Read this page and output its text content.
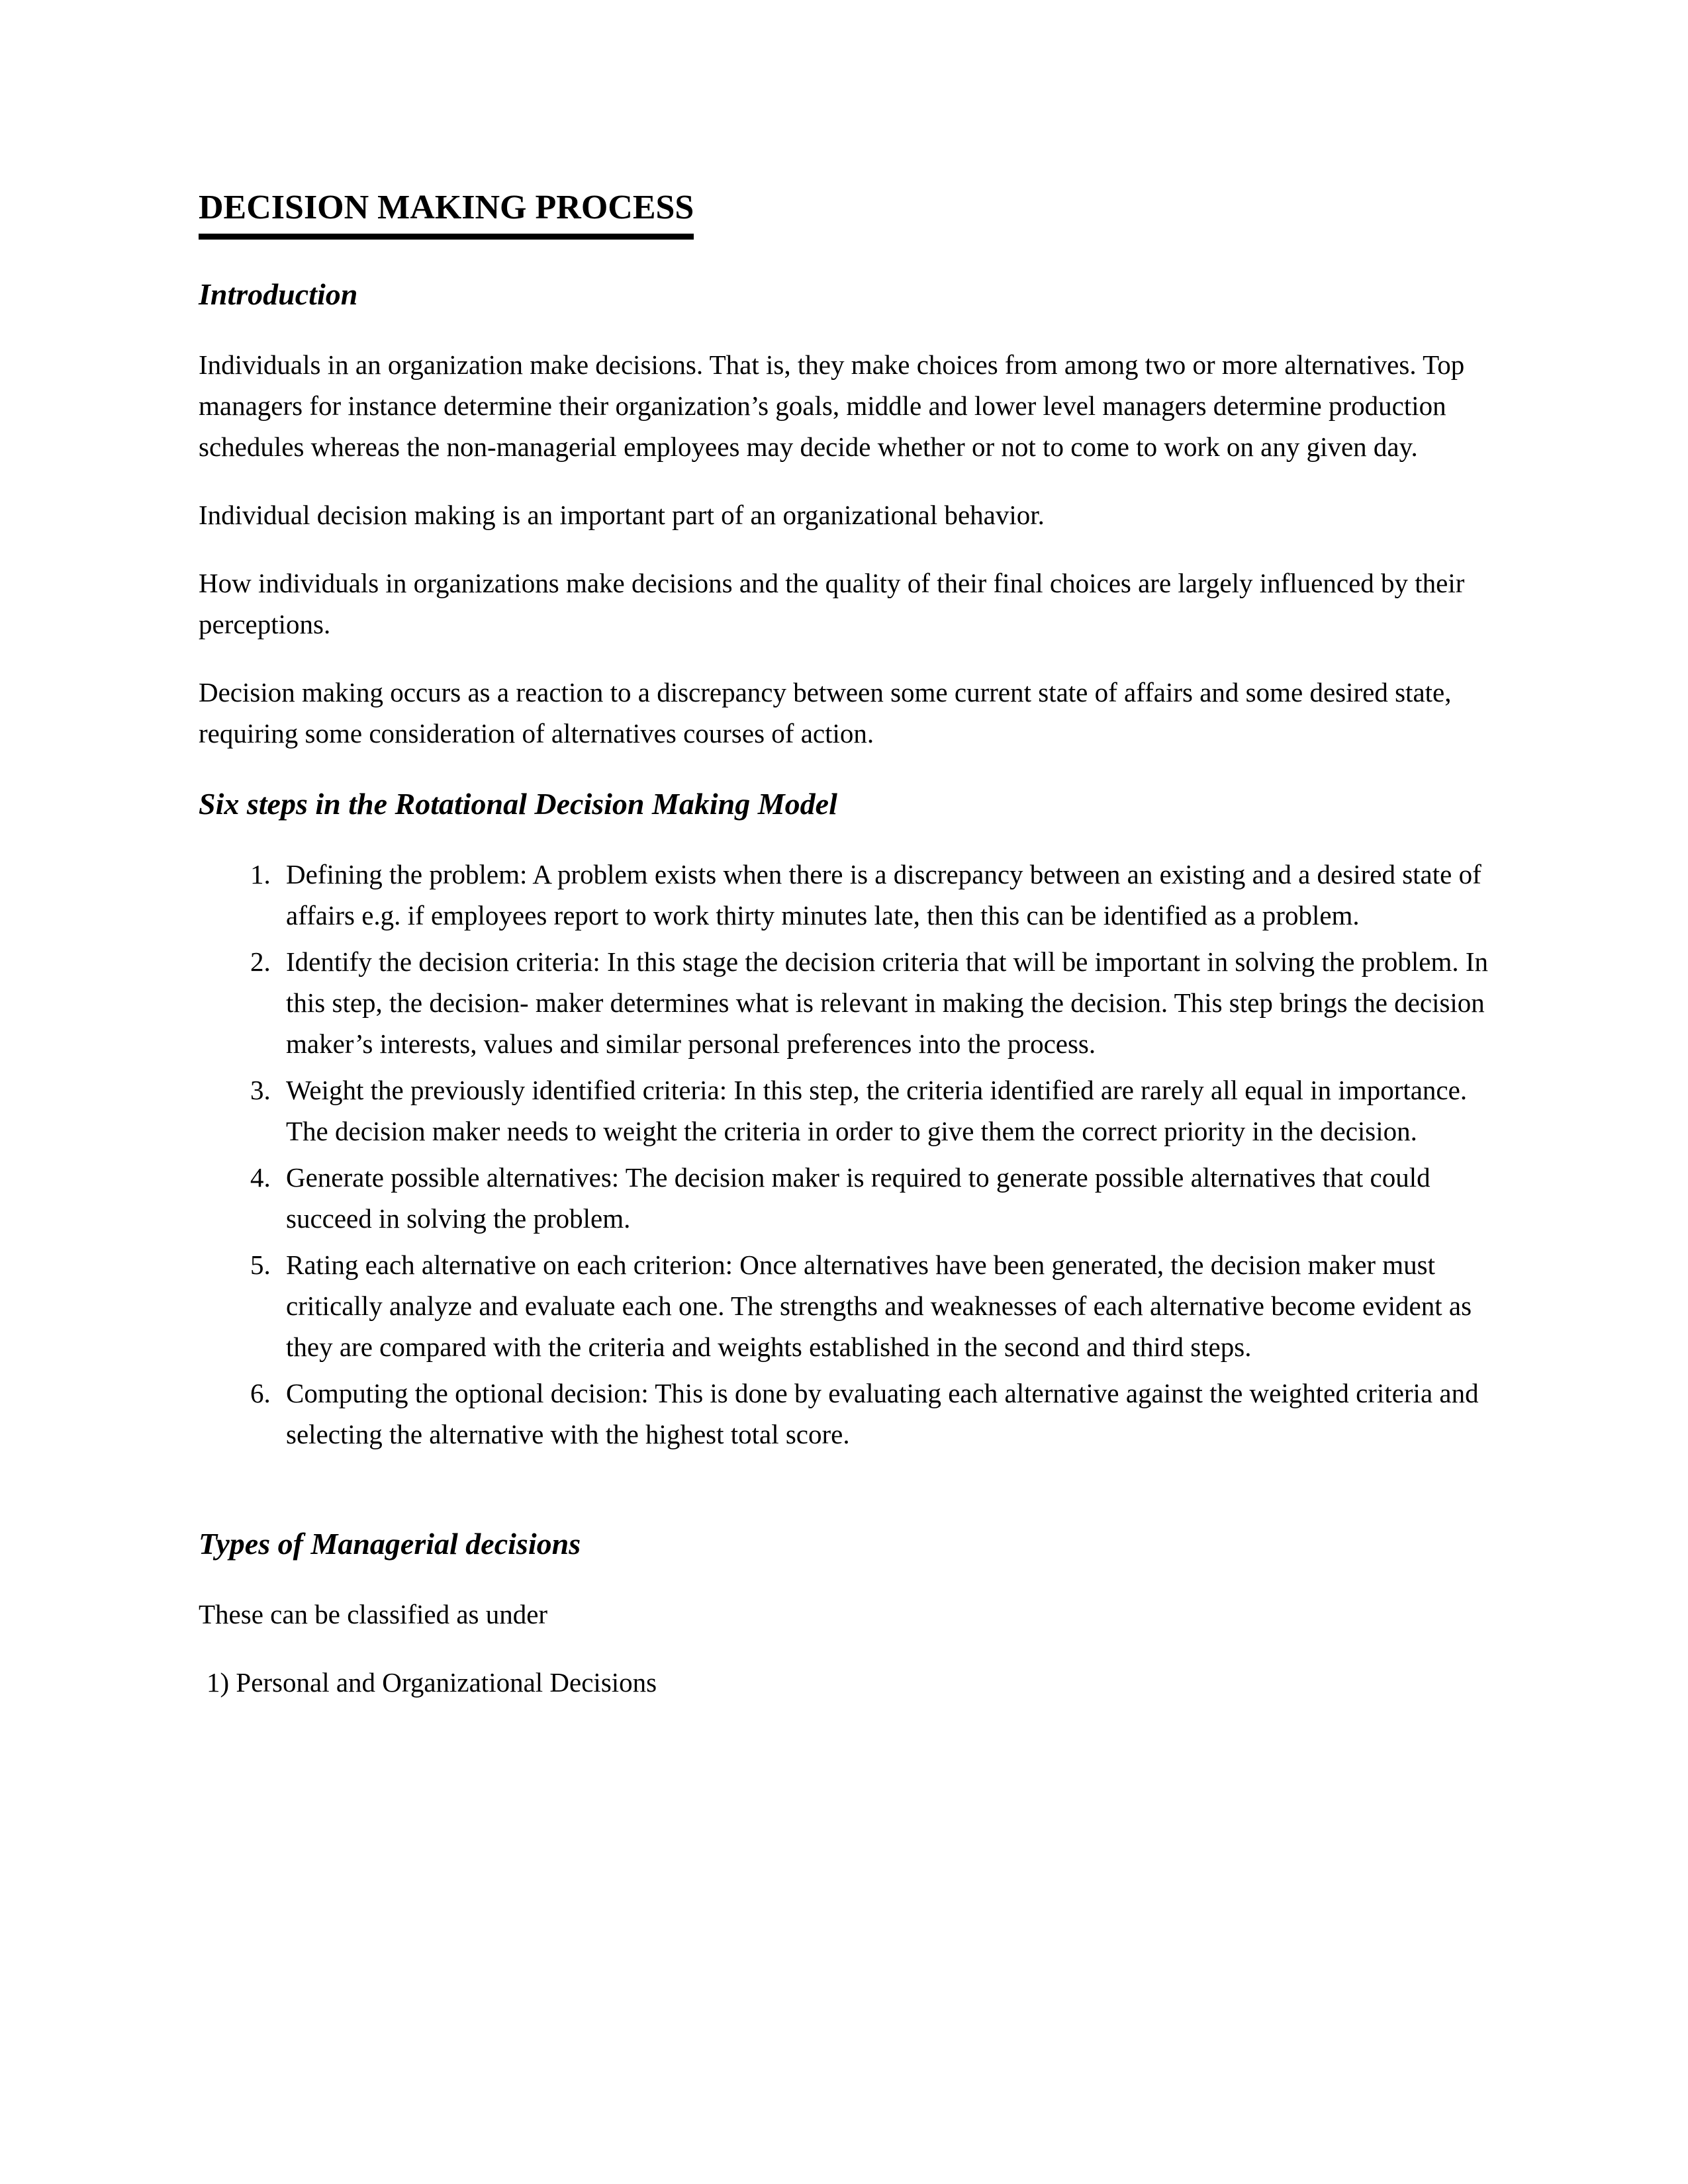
DECISION MAKING PROCESS
Introduction

Individuals in an organization make decisions. That is, they make choices from among two or more alternatives. Top managers for instance determine their organization’s goals, middle and lower level managers determine production schedules whereas the non-managerial employees may decide whether or not to come to work on any given day.

Individual decision making is an important part of an organizational behavior.

How individuals in organizations make decisions and the quality of their final choices are largely influenced by their perceptions.

Decision making occurs as a reaction to a discrepancy between some current state of affairs and some desired state, requiring some consideration of alternatives courses of action.

Six steps in the Rotational Decision Making Model
1. Defining the problem: A problem exists when there is a discrepancy between an existing and a desired state of affairs e.g. if employees report to work thirty minutes late, then this can be identified as a problem.
2. Identify the decision criteria: In this stage the decision criteria that will be important in solving the problem. In this step, the decision- maker determines what is relevant in making the decision. This step brings the decision maker’s interests, values and similar personal preferences into the process.
3. Weight the previously identified criteria: In this step, the criteria identified are rarely all equal in importance. The decision maker needs to weight the criteria in order to give them the correct priority in the decision.
4. Generate possible alternatives: The decision maker is required to generate possible alternatives that could succeed in solving the problem.
5. Rating each alternative on each criterion: Once alternatives have been generated, the decision maker must critically analyze and evaluate each one. The strengths and weaknesses of each alternative become evident as they are compared with the criteria and weights established in the second and third steps.
6. Computing the optional decision: This is done by evaluating each alternative against the weighted criteria and selecting the alternative with the highest total score.
Types of Managerial decisions

These can be classified as under

1) Personal and Organizational Decisions
